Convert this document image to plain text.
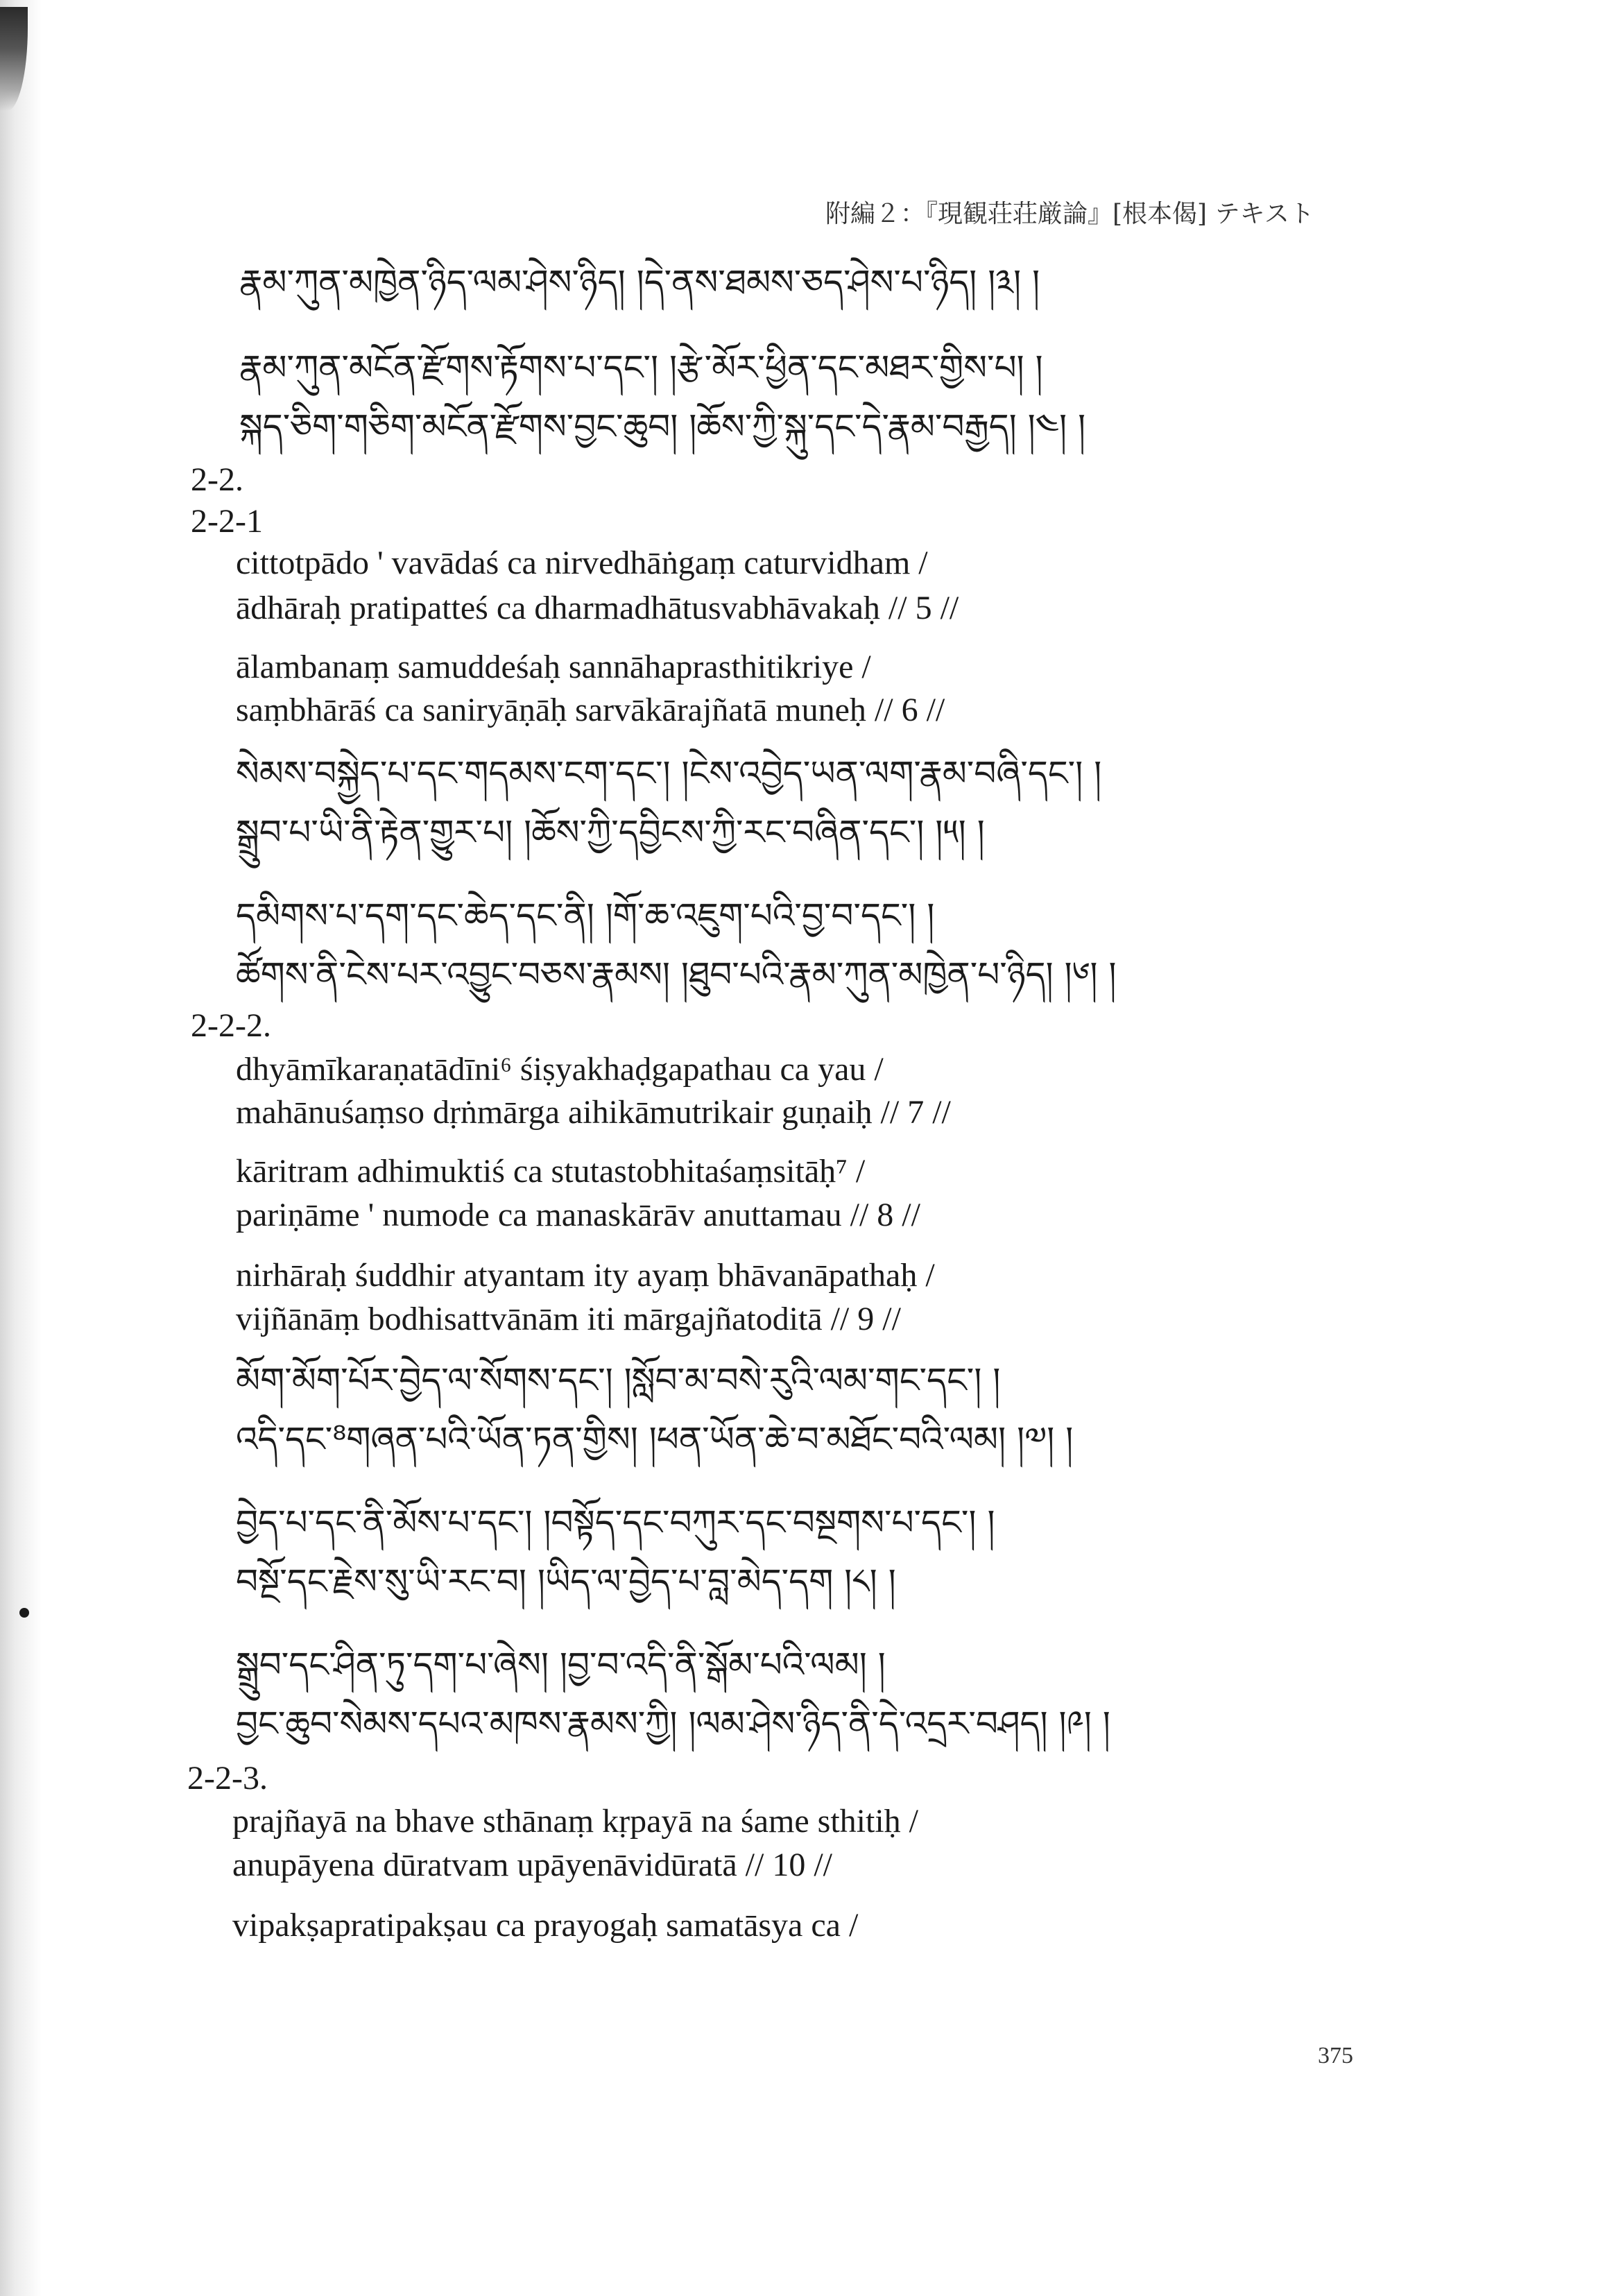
附編２：『現観荘荘厳論』[根本偈] テキスト
རྣམ་ཀུན་མཁྱེན་ཉིད་ལམ་ཤེས་ཉིད། །དེ་ནས་ཐམས་ཅད་ཤེས་པ་ཉིད། །༣། །
རྣམ་ཀུན་མངོན་རྫོགས་རྟོགས་པ་དང་། །རྩེ་མོར་ཕྱིན་དང་མཐར་གྱིས་པ། །
སྐད་ཅིག་གཅིག་མངོན་རྫོགས་བྱང་ཆུབ། །ཆོས་ཀྱི་སྐུ་དང་དེ་རྣམ་བརྒྱད། །༤། །
2-2.
2-2-1
cittotpādo ' vavādaś ca nirvedhāṅgaṃ caturvidham /
ādhāraḥ pratipatteś ca dharmadhātusvabhāvakaḥ // 5 //
ālambanaṃ samuddeśaḥ sannāhaprasthitikriye /
saṃbhārāś ca saniryāṇāḥ sarvākārajñatā muneḥ // 6 //
སེམས་བསྐྱེད་པ་དང་གདམས་ངག་དང་། །ངེས་འབྱེད་ཡན་ལག་རྣམ་བཞི་དང་། །
སྒྲུབ་པ་ཡི་ནི་རྟེན་གྱུར་པ། །ཆོས་ཀྱི་དབྱིངས་ཀྱི་རང་བཞིན་དང་། །༥། །
དམིགས་པ་དག་དང་ཆེད་དང་ནི། །གོ་ཆ་འཇུག་པའི་བྱ་བ་དང་། །
ཚོགས་ནི་ངེས་པར་འབྱུང་བཅས་རྣམས། །ཐུབ་པའི་རྣམ་ཀུན་མཁྱེན་པ་ཉིད། །༦། །
2-2-2.
dhyāmīkaraṇatādīni⁶ śiṣyakhaḍgapathau ca yau /
mahānuśaṃso dṛṅmārga aihikāmutrikair guṇaiḥ // 7 //
kāritram adhimuktiś ca stutastobhitaśaṃsitāḥ⁷ /
pariṇāme ' numode ca manaskārāv anuttamau // 8 //
nirhāraḥ śuddhir atyantam ity ayaṃ bhāvanāpathaḥ /
vijñānāṃ bodhisattvānām iti mārgajñatoditā // 9 //
མོག་མོག་པོར་བྱེད་ལ་སོགས་དང་། །སློབ་མ་བསེ་རུའི་ལམ་གང་དང་། །
འདི་དང་⁸གཞན་པའི་ཡོན་ཏན་གྱིས། །ཕན་ཡོན་ཆེ་བ་མཐོང་བའི་ལམ། །༧། །
བྱེད་པ་དང་ནི་མོས་པ་དང་། །བསྟོད་དང་བཀུར་དང་བསྔགས་པ་དང་། །
བསྔོ་དང་རྗེས་སུ་ཡི་རང་བ། །ཡིད་ལ་བྱེད་པ་བླ་མེད་དག །༨། །
སྒྲུབ་དང་ཤིན་ཏུ་དག་པ་ཞེས། །བྱ་བ་འདི་ནི་སྒོམ་པའི་ལམ། །
བྱང་ཆུབ་སེམས་དཔའ་མཁས་རྣམས་ཀྱི། །ལམ་ཤེས་ཉིད་ནི་དེ་འདྲར་བཤད། །༩། །
2-2-3.
prajñayā na bhave sthānaṃ kṛpayā na śame sthitiḥ /
anupāyena dūratvam upāyenāvidūratā // 10 //
vipakṣapratipakṣau ca prayogaḥ samatāsya ca /
375
